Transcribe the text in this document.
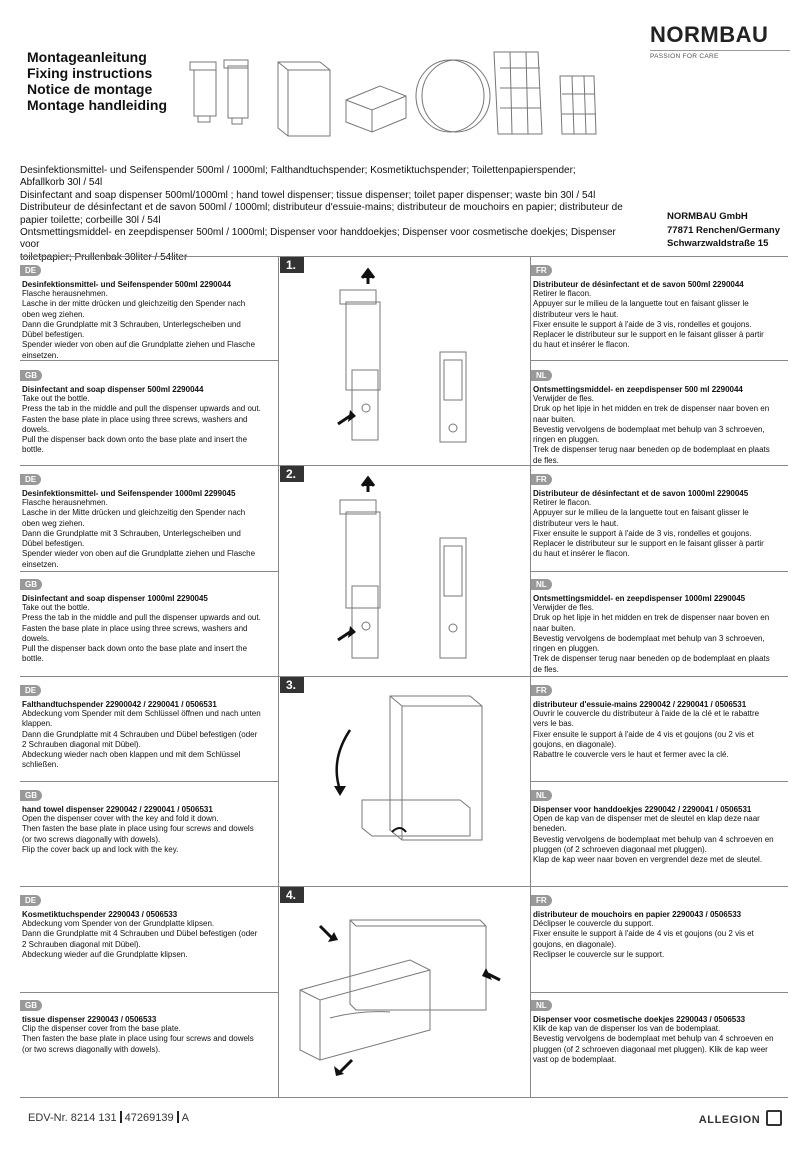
Montageanleitung
Fixing instructions
Notice de montage
Montage handleiding
NORMBAU
PASSION FOR CARE
Desinfektionsmittel- und Seifenspender 500ml / 1000ml; Falthandtuchspender; Kosmetiktuchspender; Toilettenpapierspender;
Abfallkorb 30l / 54l
Disinfectant and soap dispenser 500ml/1000ml ; hand towel dispenser; tissue dispenser; toilet paper dispenser; waste bin 30l / 54l
Distributeur de désinfectant et de savon 500ml / 1000ml; distributeur d'essuie-mains; distributeur de mouchoirs en papier; distributeur de
papier toilette; corbeille 30l / 54l
Ontsmettingsmiddel- en zeepdispenser 500ml / 1000ml; Dispenser voor handdoekjes; Dispenser voor cosmetische doekjes; Dispenser voor
toiletpapier; Prullenbak 30liter / 54liter
NORMBAU GmbH
77871 Renchen/Germany
Schwarzwaldstraße 15
1.
DE
Desinfektionsmittel- und Seifenspender 500ml 2290044
Flasche herausnehmen.
Lasche in der mitte drücken und gleichzeitig den Spender nach
oben weg ziehen.
Dann die Grundplatte mit 3 Schrauben, Unterlegscheiben und
Dübel befestigen.
Spender wieder von oben auf die Grundplatte ziehen und Flasche
einsetzen.
GB
Disinfectant and soap dispenser 500ml 2290044
Take out the bottle.
Press the tab in the middle and pull the dispenser upwards and out.
Fasten the base plate in place using three screws, washers and
dowels.
Pull the dispenser back down onto the base plate and insert the
bottle.
FR
Distributeur de désinfectant et de savon 500ml 2290044
Retirer le flacon.
Appuyer sur le milieu de la languette tout en faisant glisser le
distributeur vers le haut.
Fixer ensuite le support à l'aide de 3 vis, rondelles et goujons.
Replacer le distributeur sur le support en le faisant glisser à partir
du haut et insérer le flacon.
NL
Ontsmettingsmiddel- en zeepdispenser 500 ml 2290044
Verwijder de fles.
Druk op het lipje in het midden en trek de dispenser naar boven en
naar buiten.
Bevestig vervolgens de bodemplaat met behulp van 3 schroeven,
ringen en pluggen.
Trek de dispenser terug naar beneden op de bodemplaat en plaats
de fles.
2.
DE
Desinfektionsmittel- und Seifenspender 1000ml 2299045
Flasche herausnehmen.
Lasche in der Mitte drücken und gleichzeitig den Spender nach
oben weg ziehen.
Dann die Grundplatte mit 3 Schrauben, Unterlegscheiben und
Dübel befestigen.
Spender wieder von oben auf die Grundplatte ziehen und Flasche
einsetzen.
GB
Disinfectant and soap dispenser 1000ml 2290045
Take out the bottle.
Press the tab in the middle and pull the dispenser upwards and out.
Fasten the base plate in place using three screws, washers and
dowels.
Pull the dispenser back down onto the base plate and insert the
bottle.
FR
Distributeur de désinfectant et de savon 1000ml 2290045
Retirer le flacon.
Appuyer sur le milieu de la languette tout en faisant glisser le
distributeur vers le haut.
Fixer ensuite le support à l'aide de 3 vis, rondelles et goujons.
Replacer le distributeur sur le support en le faisant glisser à partir
du haut et insérer le flacon.
NL
Ontsmettingsmiddel- en zeepdispenser 1000ml 2290045
Verwijder de fles.
Druk op het lipje in het midden en trek de dispenser naar boven en
naar buiten.
Bevestig vervolgens de bodemplaat met behulp van 3 schroeven,
ringen en pluggen.
Trek de dispenser terug naar beneden op de bodemplaat en plaats
de fles.
3.
DE
Falthandtuchspender 22900042 / 2290041 / 0506531
Abdeckung vom Spender mit dem Schlüssel öffnen und nach unten
klappen.
Dann die Grundplatte mit 4 Schrauben und Dübel befestigen (oder
2 Schrauben diagonal mit Dübel).
Abdeckung wieder nach oben klappen und mit dem Schlüssel
schließen.
GB
hand towel dispenser 2290042 / 2290041 / 0506531
Open the dispenser cover with the key and fold it down.
Then fasten the base plate in place using four screws and dowels
(or two screws diagonally with dowels).
Flip the cover back up and lock with the key.
FR
distributeur d'essuie-mains 2290042 / 2290041 / 0506531
Ouvrir le couvercle du distributeur à l'aide de la clé et le rabattre
vers le bas.
Fixer ensuite le support à l'aide de 4 vis et goujons (ou 2 vis et
goujons, en diagonale).
Rabattre le couvercle vers le haut et fermer avec la clé.
NL
Dispenser voor handdoekjes 2290042 / 2290041 / 0506531
Open de kap van de dispenser met de sleutel en klap deze naar
beneden.
Bevestig vervolgens de bodemplaat met behulp van 4 schroeven en
pluggen (of 2 schroeven diagonaal met pluggen).
Klap de kap weer naar boven en vergrendel deze met de sleutel.
4.
DE
Kosmetiktuchspender 2290043 / 0506533
Abdeckung vom Spender von der Grundplatte klipsen.
Dann die Grundplatte mit 4 Schrauben und Dübel befestigen (oder
2 Schrauben diagonal mit Dübel).
Abdeckung wieder auf die Grundplatte klipsen.
GB
tissue dispenser 2290043 / 0506533
Clip the dispenser cover from the base plate.
Then fasten the base plate in place using four screws and dowels
(or two screws diagonally with dowels).
FR
distributeur de mouchoirs en papier 2290043 / 0506533
Déclipser le couvercle du support.
Fixer ensuite le support à l'aide de 4 vis et goujons (ou 2 vis et
goujons, en diagonale).
Reclipser le couvercle sur le support.
NL
Dispenser voor cosmetische doekjes 2290043 / 0506533
Klik de kap van de dispenser los van de bodemplaat.
Bevestig vervolgens de bodemplaat met behulp van 4 schroeven en
pluggen (of 2 schroeven diagonaal met pluggen). Klik de kap weer
vast op de bodemplaat.
EDV-Nr. 8214 131 47269139 A	ALLEGION
